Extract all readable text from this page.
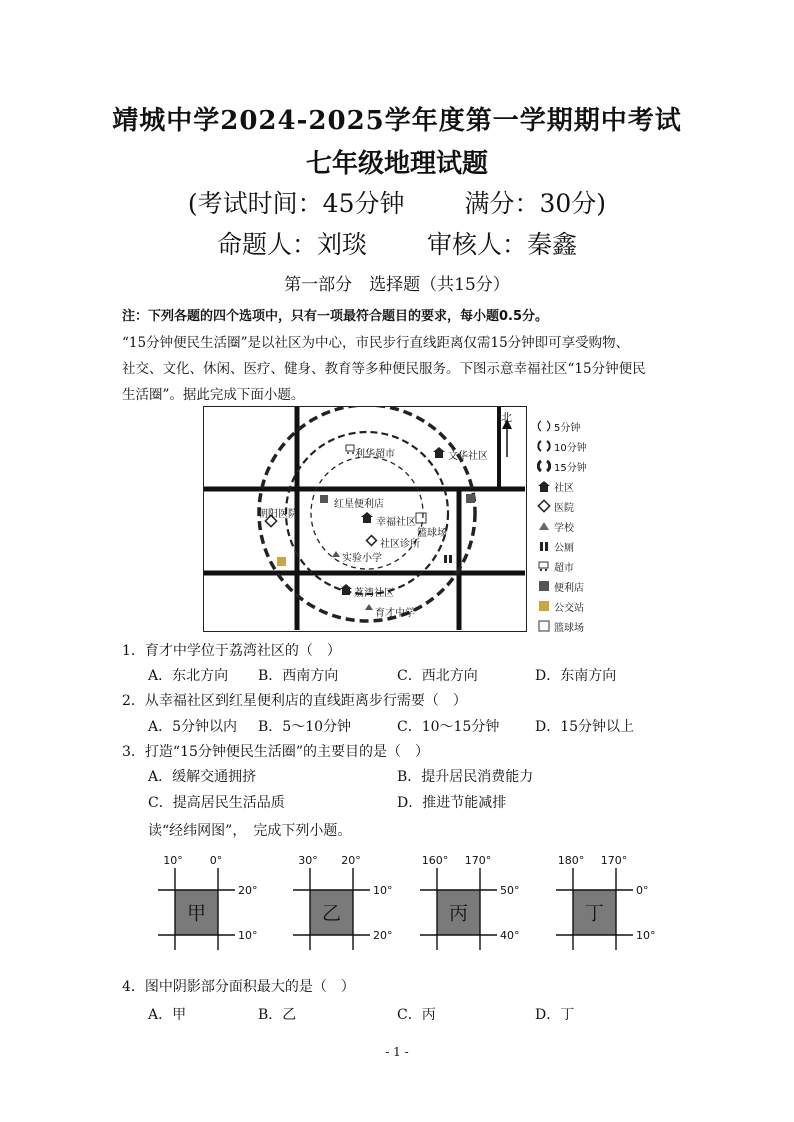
靖城中学2024-2025学年度第一学期期中考试
七年级地理试题
(考试时间：45分钟 满分：30分)
命题人：刘琰 审核人：秦鑫
第一部分　选择题（共15分）
注：下列各题的四个选项中，只有一项最符合题目的要求，每小题0.5分。
“15分钟便民生活圈”是以社区为中心，市民步行直线距离仅需15分钟即可享受购物、
社交、文化、休闲、医疗、健身、教育等多种便民服务。下图示意幸福社区“15分钟便民
生活圈”。据此完成下面小题。
利华超市	文华社区
红星便利店
幸福社区
朝阳医院
篮球场
社区诊所
实验小学
荔湾社区
育才中学
北
5分钟
10分钟
15分钟
社区
医院
学校
公厕
超市
便利店
公交站
篮球场
1．育才中学位于荔湾社区的（　）
A．东北方向 B．西南方向	C．西北方向	D．东南方向
2．从幸福社区到红星便利店的直线距离步行需要（　）
A．5分钟以内 B．5～10分钟	C．10～15分钟	D．15分钟以上
3．打造“15分钟便民生活圈”的主要目的是（　）
A．缓解交通拥挤	B．提升居民消费能力
C．提高居民生活品质	D．推进节能减排
读“经纬网图”，　完成下列小题。
10° 0°
20°
10°
甲
30° 20°
10°
20°
乙
160° 170°
50°
40°
丙
180° 170°
0°
10°
丁
4．图中阴影部分面积最大的是（　）
A．甲	B．乙	C．丙	D．丁
- 1 -
